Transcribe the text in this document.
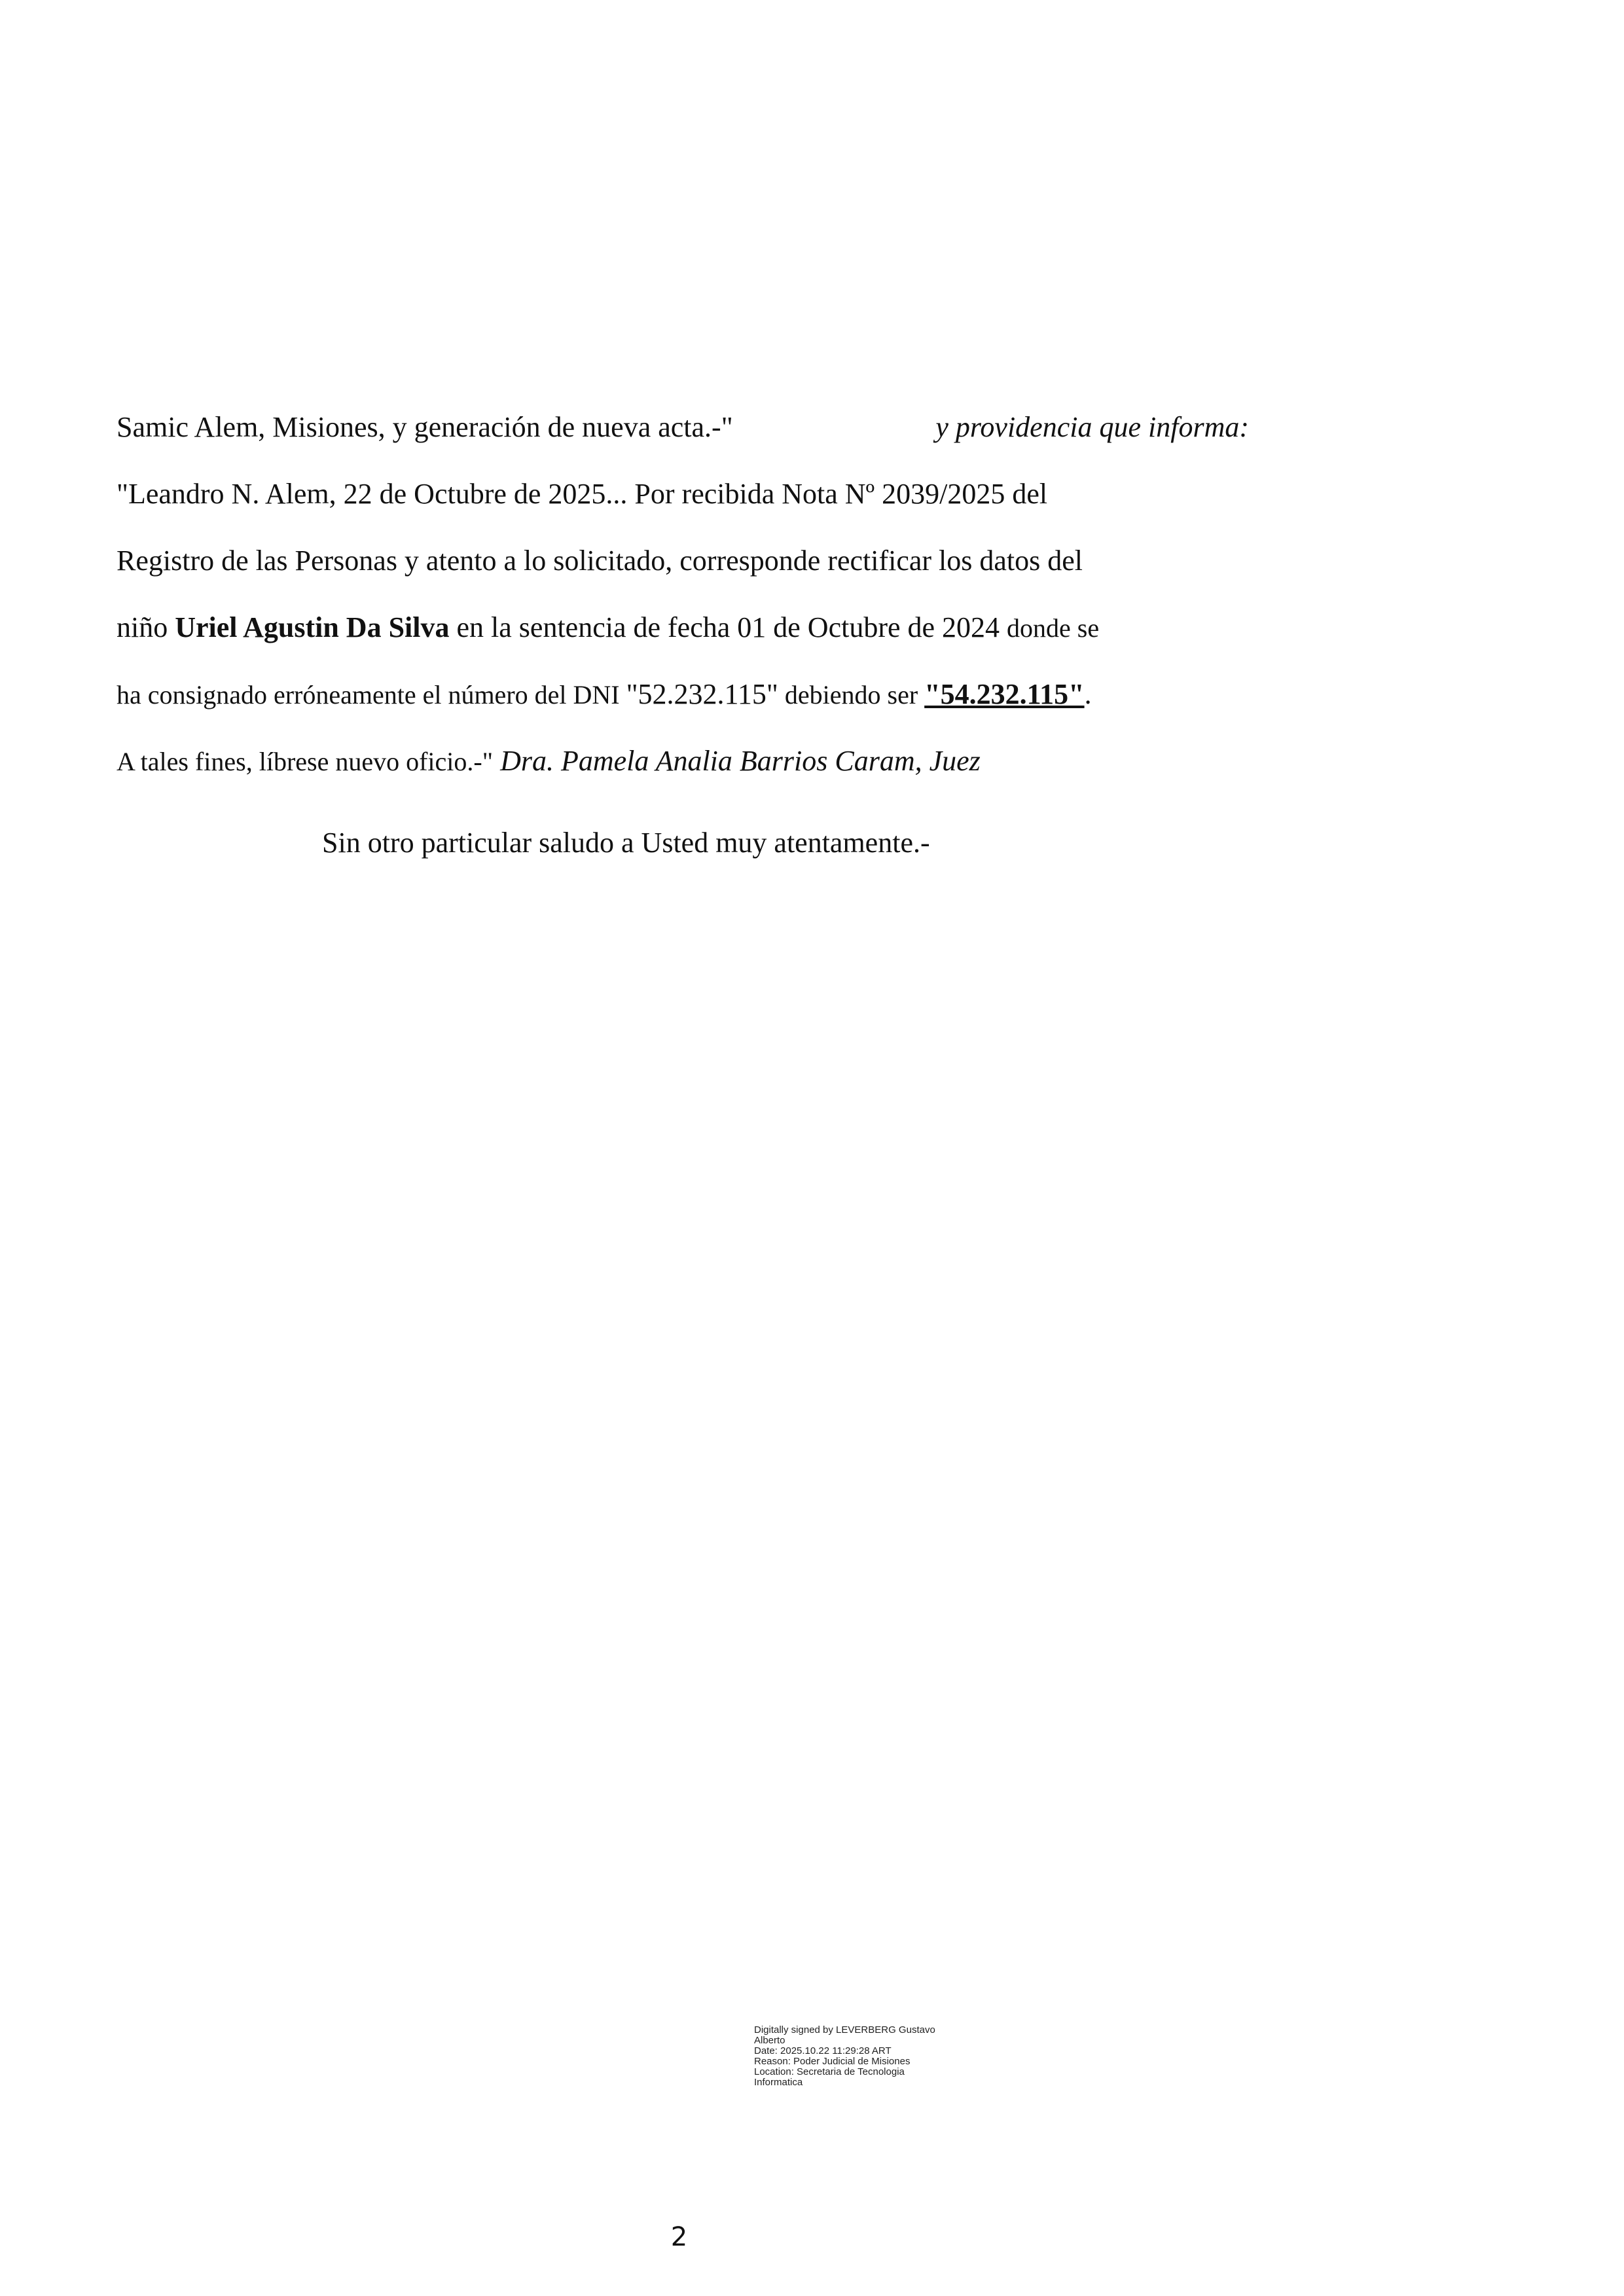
Samic Alem, Misiones, y generación de nueva acta.-"	y providencia que informa:
"Leandro N. Alem, 22 de Octubre de 2025... Por recibida Nota Nº 2039/2025 del
Registro de las Personas y atento a lo solicitado, corresponde rectificar los datos del
niño Uriel Agustin Da Silva en la sentencia de fecha 01 de Octubre de 2024 donde se
ha consignado erróneamente el número del DNI "52.232.115" debiendo ser "54.232.115".
A tales fines, líbrese nuevo oficio.-" Dra. Pamela Analia Barrios Caram, Juez
Sin otro particular saludo a Usted muy atentamente.-
Digitally signed by LEVERBERG Gustavo
Alberto
Date: 2025.10.22 11:29:28 ART
Reason: Poder Judicial de Misiones
Location: Secretaria de Tecnologia
Informatica
2
